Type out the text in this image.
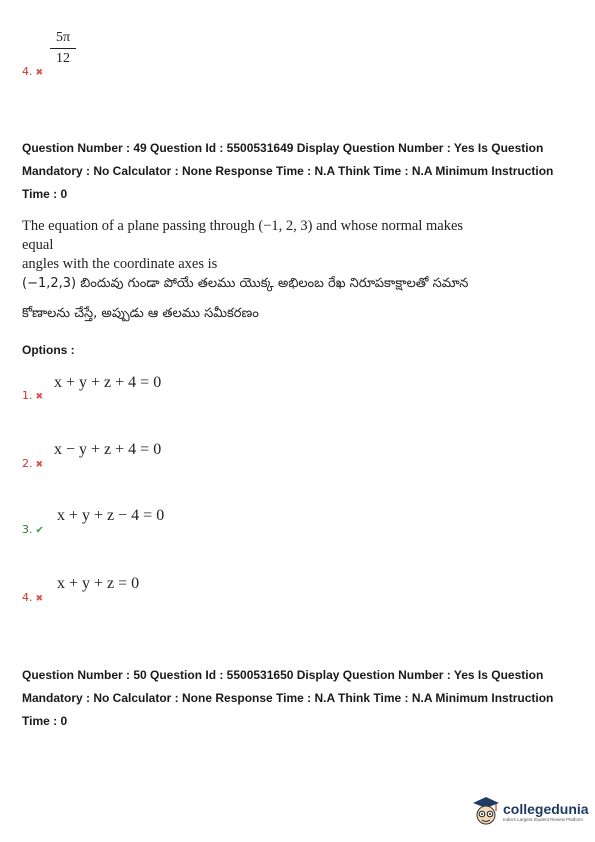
4. ✖
5π
12
Question Number : 49 Question Id : 5500531649 Display Question Number : Yes Is Question
Mandatory : No Calculator : None Response Time : N.A Think Time : N.A Minimum Instruction
Time : 0
The equation of a plane passing through (−1, 2, 3) and whose normal makes equal
angles with the coordinate axes is
(−1,2,3) బిందువు గుండా పోయే తలము యొక్క అభిలంబ రేఖ నిరూపకాక్షాలతో సమాన
కోణాలను చేస్తే, అప్పుడు ఆ తలము సమీకరణం
Options :
1. ✖
x + y + z + 4 = 0
2. ✖
x − y + z + 4 = 0
3. ✔
x + y + z − 4 = 0
4. ✖
x + y + z = 0
Question Number : 50 Question Id : 5500531650 Display Question Number : Yes Is Question
Mandatory : No Calculator : None Response Time : N.A Think Time : N.A Minimum Instruction
Time : 0
collegedunia
India's Largest Student Review Platform
